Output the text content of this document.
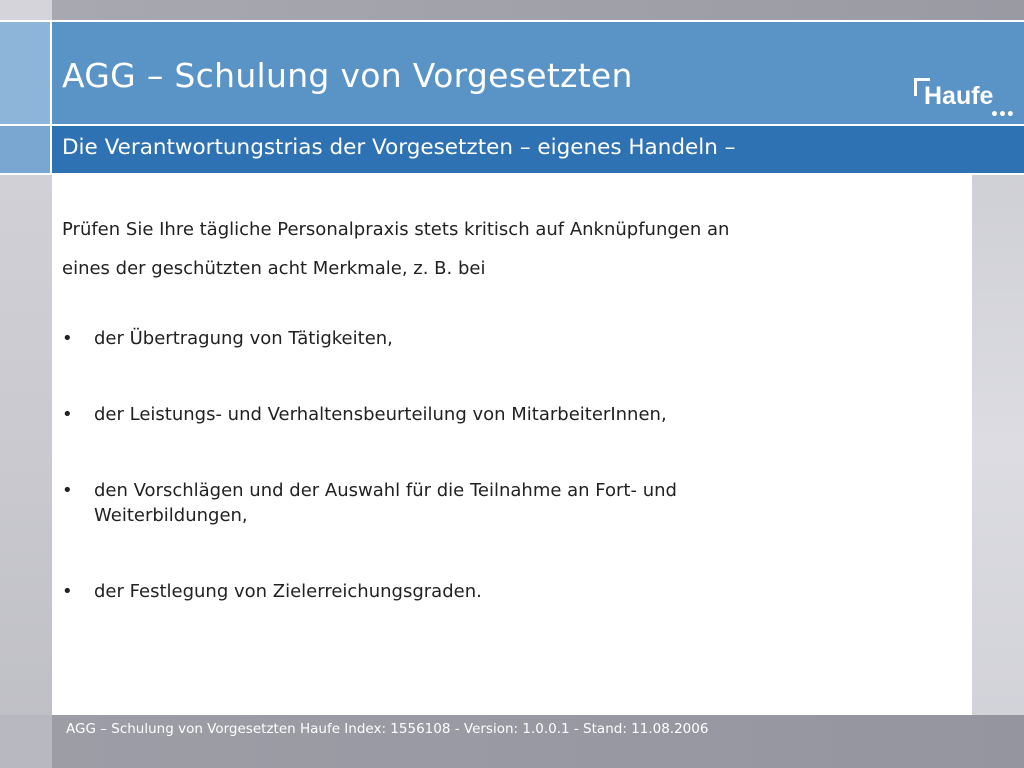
AGG – Schulung von Vorgesetzten
Haufe
•••
Die Verantwortungstrias der Vorgesetzten – eigenes Handeln –

Prüfen Sie Ihre tägliche Personalpraxis stets kritisch auf Anknüpfungen an
eines der geschützten acht Merkmale, z. B. bei

• der Übertragung von Tätigkeiten,
• der Leistungs- und Verhaltensbeurteilung von MitarbeiterInnen,
• den Vorschlägen und der Auswahl für die Teilnahme an Fort- und
Weiterbildungen,
• der Festlegung von Zielerreichungsgraden.
AGG – Schulung von Vorgesetzten Haufe Index: 1556108 - Version: 1.0.0.1 - Stand: 11.08.2006
